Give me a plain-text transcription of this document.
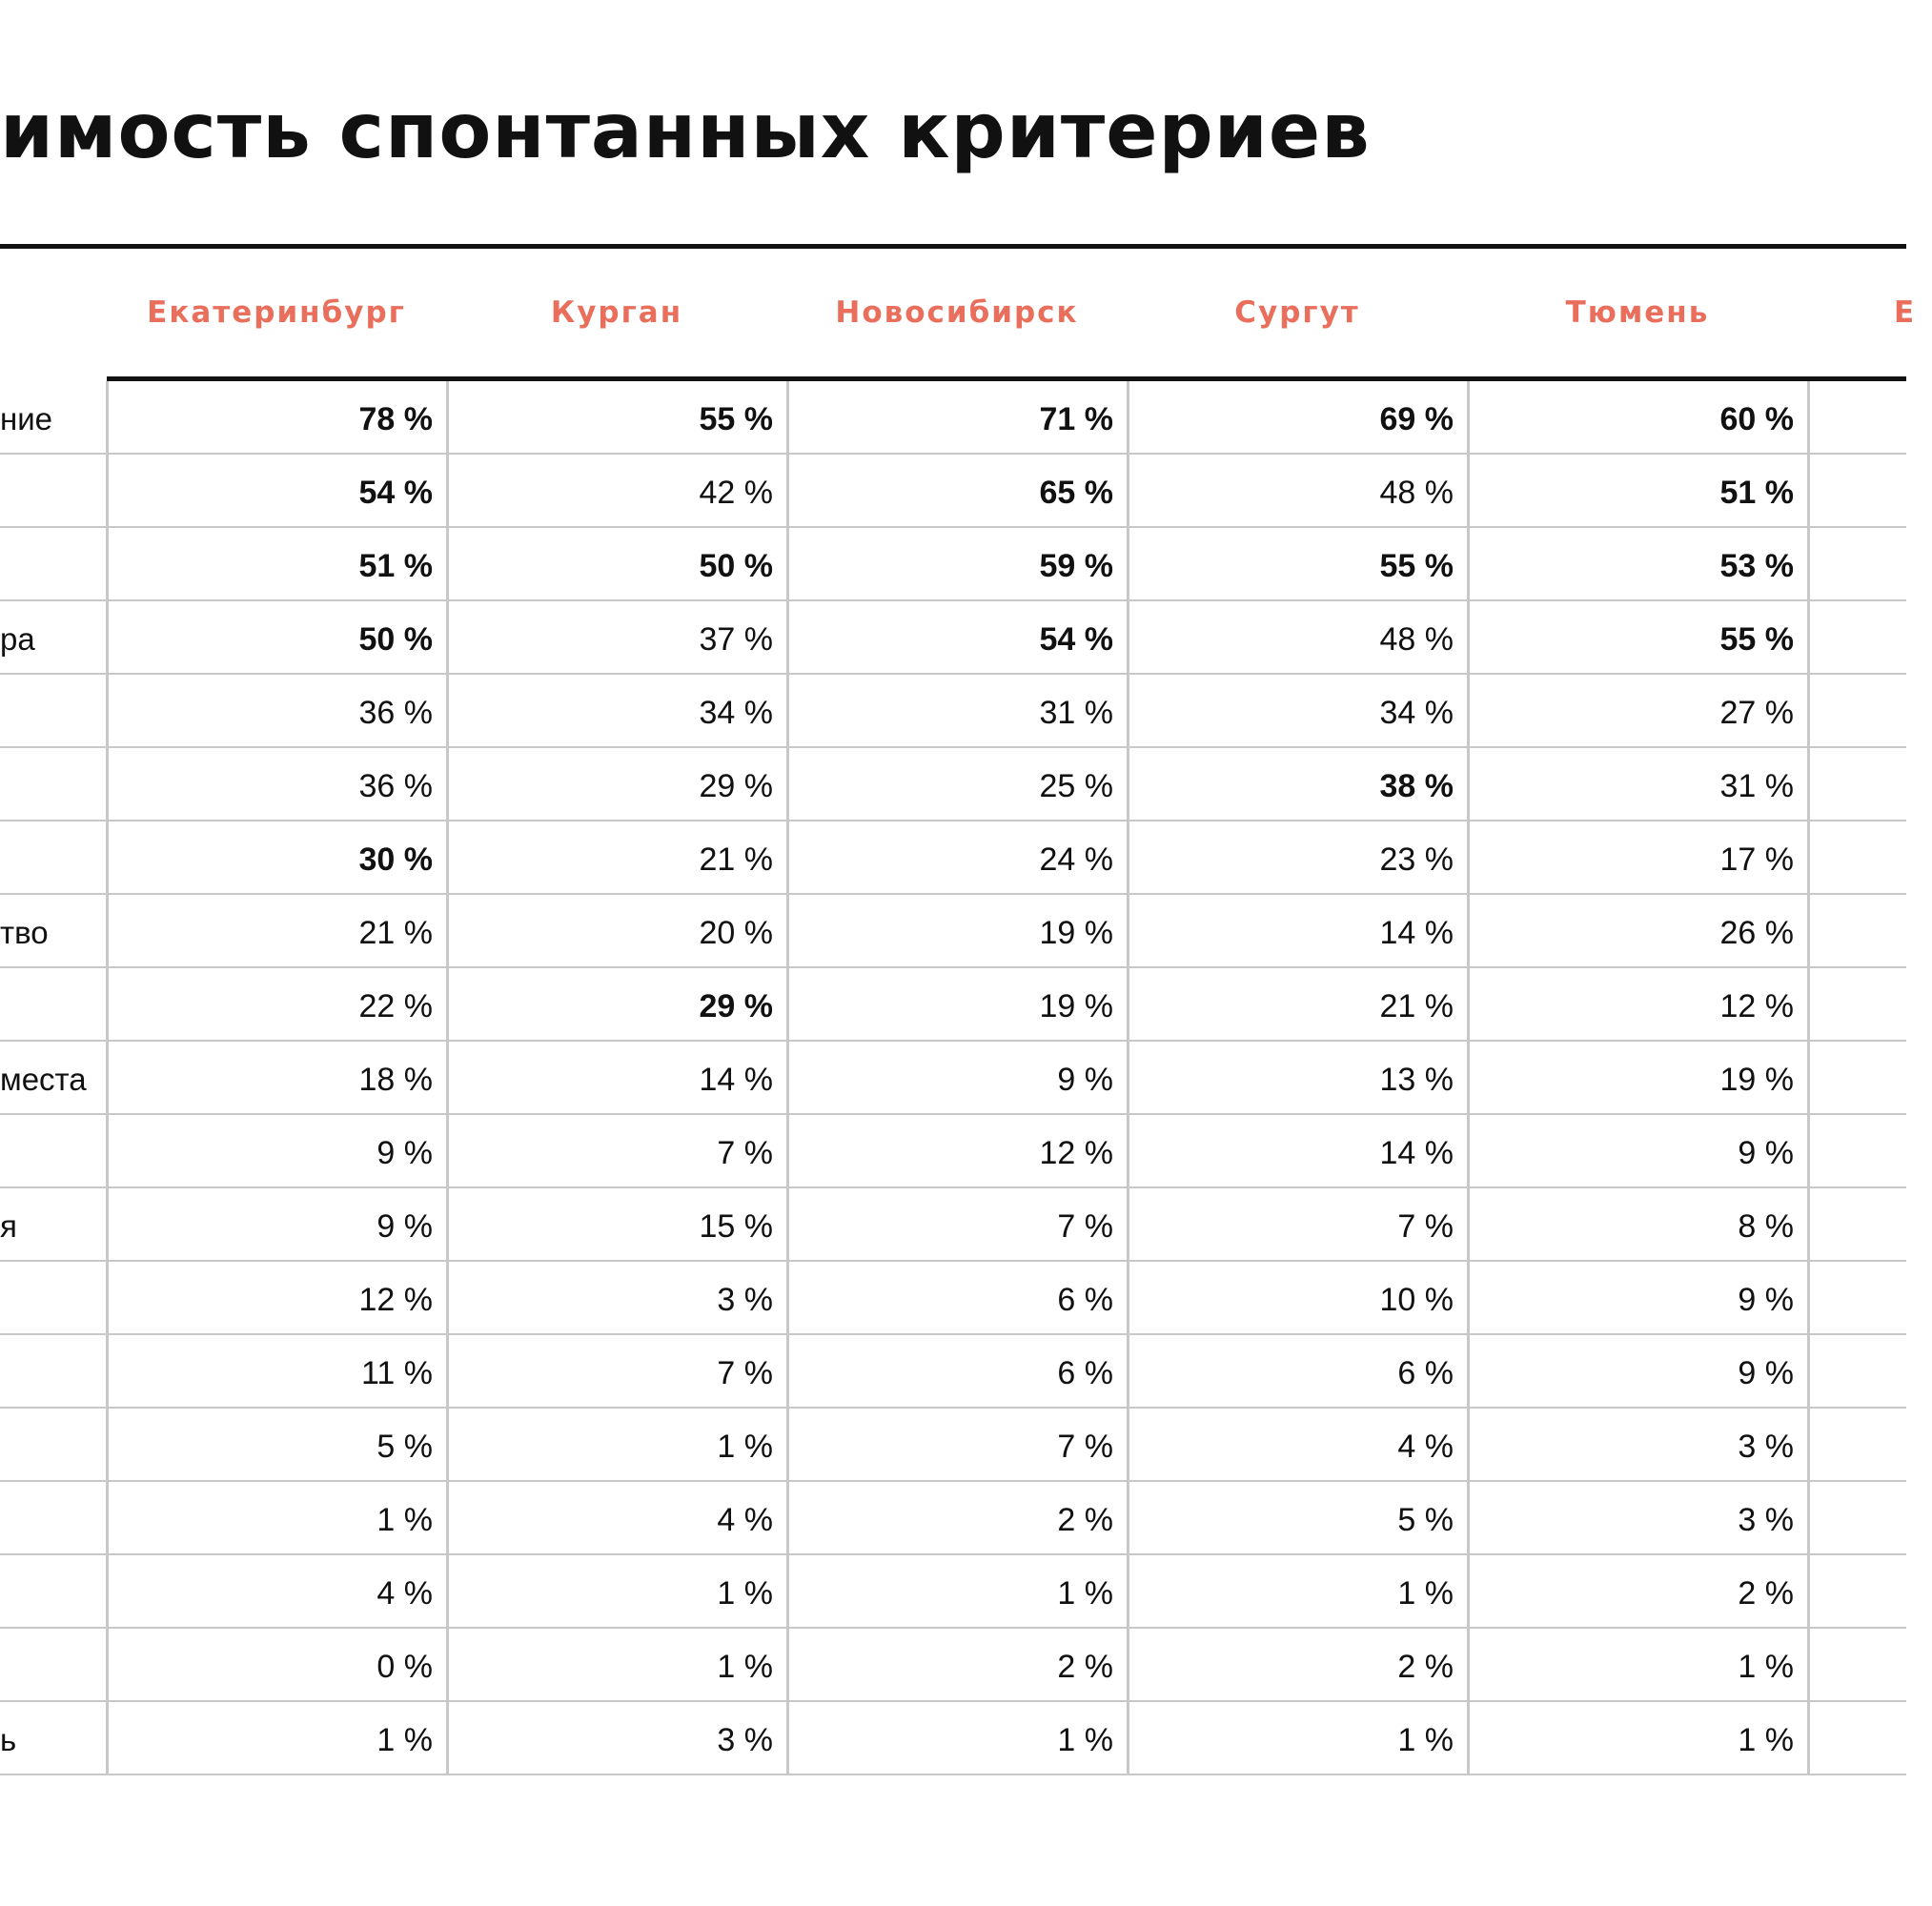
имость спонтанных критериев
Екатеринбург	Курган	Новосибирск	Сургут	Тюмень	Е
ние	78 %	55 %	71 %	69 %	60 %
54 %	42 %	65 %	48 %	51 %
51 %	50 %	59 %	55 %	53 %
ра	50 %	37 %	54 %	48 %	55 %
36 %	34 %	31 %	34 %	27 %
36 %	29 %	25 %	38 %	31 %
30 %	21 %	24 %	23 %	17 %
тво	21 %	20 %	19 %	14 %	26 %
22 %	29 %	19 %	21 %	12 %
места	18 %	14 %	9 %	13 %	19 %
9 %	7 %	12 %	14 %	9 %
я	9 %	15 %	7 %	7 %	8 %
12 %	3 %	6 %	10 %	9 %
11 %	7 %	6 %	6 %	9 %
5 %	1 %	7 %	4 %	3 %
1 %	4 %	2 %	5 %	3 %
4 %	1 %	1 %	1 %	2 %
0 %	1 %	2 %	2 %	1 %
ь	1 %	3 %	1 %	1 %	1 %
